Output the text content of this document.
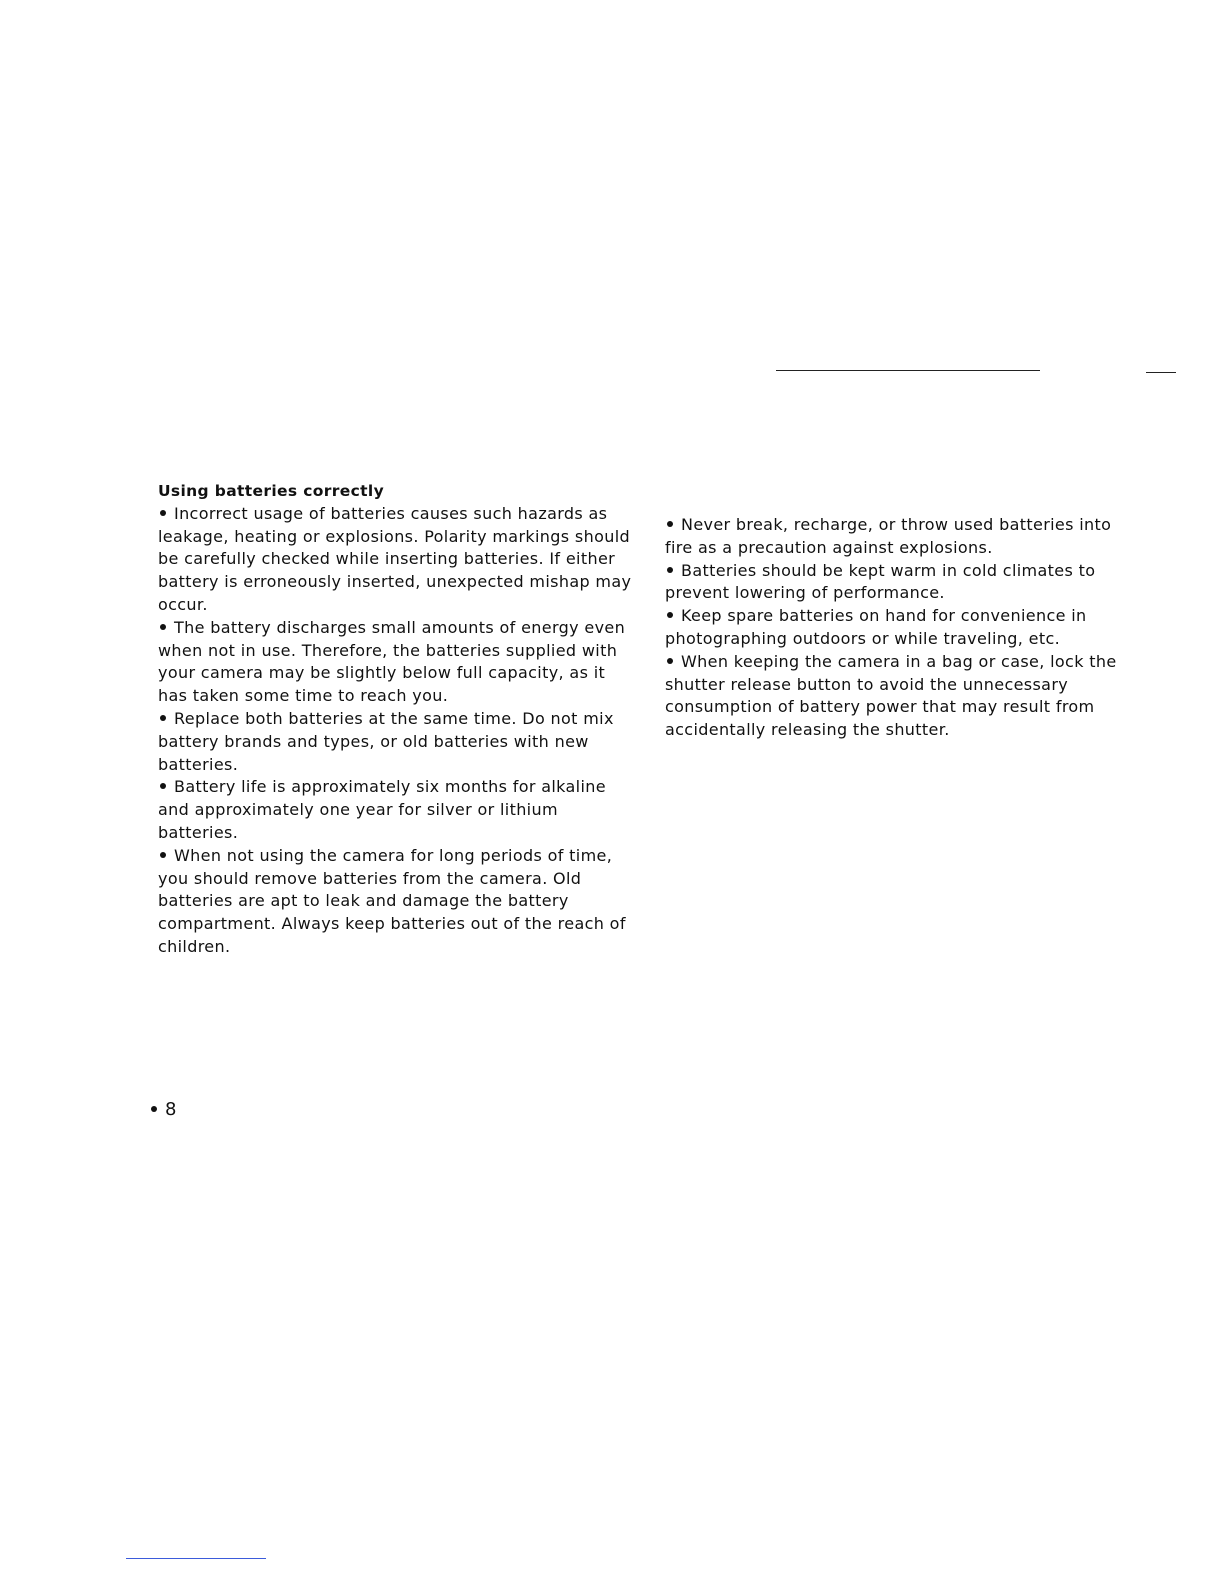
Using batteries correctly

Incorrect usage of batteries causes such hazards as leakage, heating or explosions. Polarity markings should be carefully checked while inserting batteries. If either battery is erroneously inserted, unexpected mishap may occur.

The battery discharges small amounts of energy even when not in use. Therefore, the batteries supplied with your camera may be slightly below full capacity, as it has taken some time to reach you.

Replace both batteries at the same time. Do not mix battery brands and types, or old batteries with new batteries.

Battery life is approximately six months for alkaline and approximately one year for silver or lithium batteries.

When not using the camera for long periods of time, you should remove batteries from the camera. Old batteries are apt to leak and damage the battery compartment. Always keep batteries out of the reach of children.

Never break, recharge, or throw used batteries into fire as a precaution against explosions.

Batteries should be kept warm in cold climates to prevent lowering of performance.

Keep spare batteries on hand for convenience in photographing outdoors or while traveling, etc.

When keeping the camera in a bag or case, lock the shutter release button to avoid the unnecessary consumption of battery power that may result from accidentally releasing the shutter.

8
